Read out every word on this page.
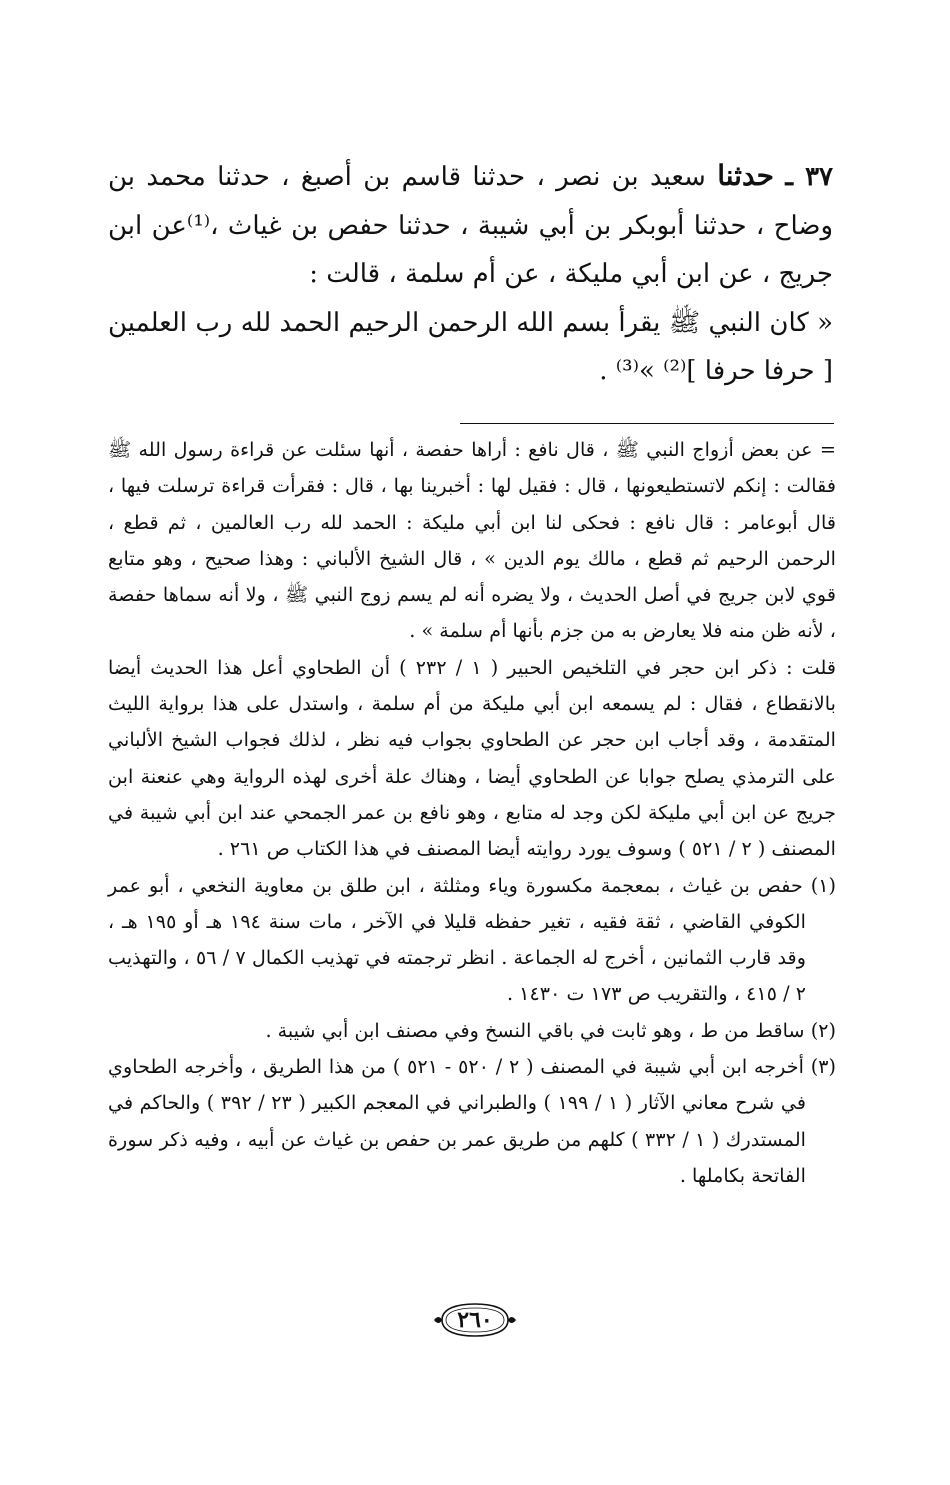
٣٧ ـ حدثنا سعيد بن نصر ، حدثنا قاسم بن أصبغ ، حدثنا محمد بن وضاح ، حدثنا أبوبكر بن أبي شيبة ، حدثنا حفص بن غياث ،⁽¹⁾عن ابن جريج ، عن ابن أبي مليكة ، عن أم سلمة ، قالت :

« كان النبي ﷺ يقرأ بسم الله الرحمن الرحيم الحمد لله رب العلمين [ حرفا حرفا ]⁽²⁾ »⁽³⁾ .

= عن بعض أزواج النبي ﷺ ، قال نافع : أراها حفصة ، أنها سئلت عن قراءة رسول الله ﷺ فقالت : إنكم لاتستطيعونها ، قال : فقيل لها : أخبرينا بها ، قال : فقرأت قراءة ترسلت فيها ، قال أبوعامر : قال نافع : فحكى لنا ابن أبي مليكة : الحمد لله رب العالمين ، ثم قطع ، الرحمن الرحيم ثم قطع ، مالك يوم الدين » ، قال الشيخ الألباني : وهذا صحيح ، وهو متابع قوي لابن جريج في أصل الحديث ، ولا يضره أنه لم يسم زوج النبي ﷺ ، ولا أنه سماها حفصة ، لأنه ظن منه فلا يعارض به من جزم بأنها أم سلمة » .

قلت : ذكر ابن حجر في التلخيص الحبير ( ١ / ٢٣٢ ) أن الطحاوي أعل هذا الحديث أيضا بالانقطاع ، فقال : لم يسمعه ابن أبي مليكة من أم سلمة ، واستدل على هذا برواية الليث المتقدمة ، وقد أجاب ابن حجر عن الطحاوي بجواب فيه نظر ، لذلك فجواب الشيخ الألباني على الترمذي يصلح جوابا عن الطحاوي أيضا ، وهناك علة أخرى لهذه الرواية وهي عنعنة ابن جريج عن ابن أبي مليكة لكن وجد له متابع ، وهو نافع بن عمر الجمحي عند ابن أبي شيبة في المصنف ( ٢ / ٥٢١ ) وسوف يورد روايته أيضا المصنف في هذا الكتاب ص ٢٦١ .

(١) حفص بن غياث ، بمعجمة مكسورة وياء ومثلثة ، ابن طلق بن معاوية النخعي ، أبو عمر الكوفي القاضي ، ثقة فقيه ، تغير حفظه قليلا في الآخر ، مات سنة ١٩٤ هـ أو ١٩٥ هـ ، وقد قارب الثمانين ، أخرج له الجماعة . انظر ترجمته في تهذيب الكمال ٧ / ٥٦ ، والتهذيب ٢ / ٤١٥ ، والتقريب ص ١٧٣ ت ١٤٣٠ .

(٢) ساقط من ط ، وهو ثابت في باقي النسخ وفي مصنف ابن أبي شيبة .

(٣) أخرجه ابن أبي شيبة في المصنف ( ٢ / ٥٢٠ - ٥٢١ ) من هذا الطريق ، وأخرجه الطحاوي في شرح معاني الآثار ( ١ / ١٩٩ ) والطبراني في المعجم الكبير ( ٢٣ / ٣٩٢ ) والحاكم في المستدرك ( ١ / ٣٣٢ ) كلهم من طريق عمر بن حفص بن غياث عن أبيه ، وفيه ذكر سورة الفاتحة بكاملها .

٢٦٠
